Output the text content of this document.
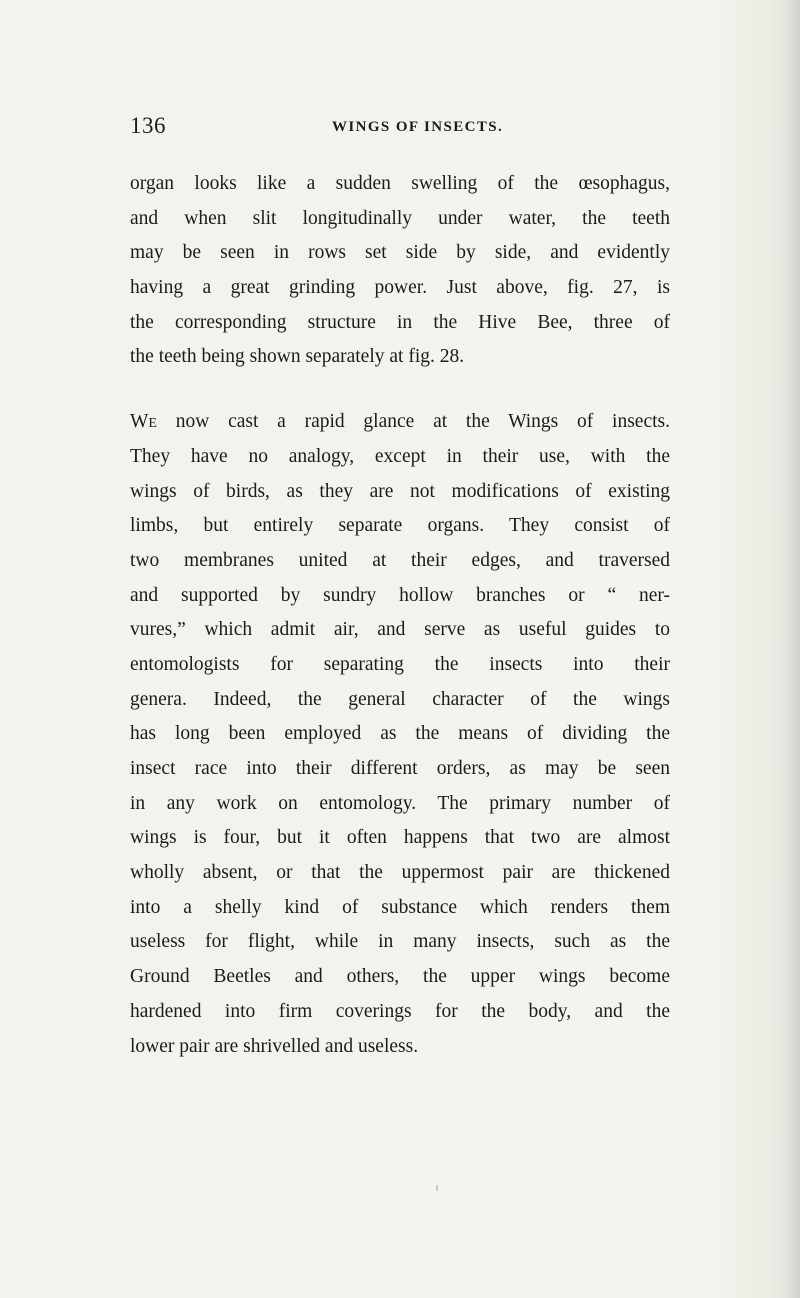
136	WINGS OF INSECTS.

organ looks like a sudden swelling of the œsophagus,
and when slit longitudinally under water, the teeth
may be seen in rows set side by side, and evidently
having a great grinding power. Just above, fig. 27, is
the corresponding structure in the Hive Bee, three of
the teeth being shown separately at fig. 28.

We now cast a rapid glance at the Wings of insects.
They have no analogy, except in their use, with the
wings of birds, as they are not modifications of existing
limbs, but entirely separate organs. They consist of
two membranes united at their edges, and traversed
and supported by sundry hollow branches or “ ner-
vures,” which admit air, and serve as useful guides to
entomologists for separating the insects into their
genera. Indeed, the general character of the wings
has long been employed as the means of dividing the
insect race into their different orders, as may be seen
in any work on entomology. The primary number of
wings is four, but it often happens that two are almost
wholly absent, or that the uppermost pair are thickened
into a shelly kind of substance which renders them
useless for flight, while in many insects, such as the
Ground Beetles and others, the upper wings become
hardened into firm coverings for the body, and the
lower pair are shrivelled and useless.
